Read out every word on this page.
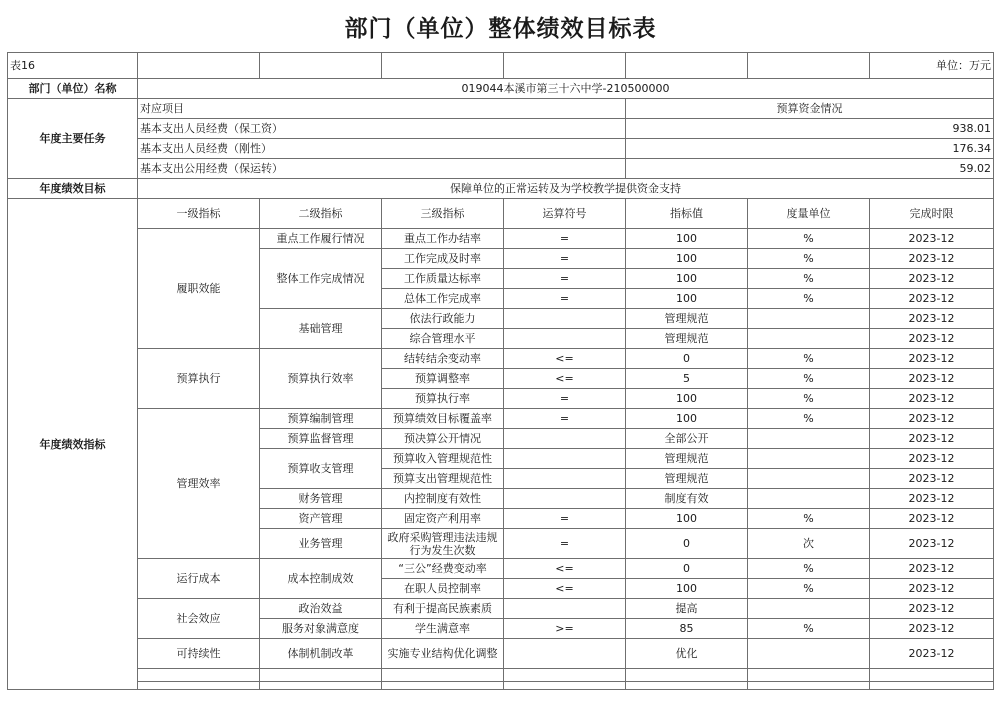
部门（单位）整体绩效目标表								
表16							单位：万元	
部门（单位）名称	019044本溪市第三十六中学-210500000							
年度主要任务	对应项目				预算资金情况			
	基本支出人员经费（保工资）				938.01			
	基本支出人员经费（刚性）				176.34			
	基本支出公用经费（保运转）				59.02			
年度绩效目标	保障单位的正常运转及为学校教学提供资金支持							
年度绩效指标	一级指标	二级指标	三级指标	运算符号	指标值	度量单位	完成时限	
	履职效能	重点工作履行情况	重点工作办结率	=	100	%	2023-12	
		整体工作完成情况	工作完成及时率	=	100	%	2023-12	
			工作质量达标率	=	100	%	2023-12	
			总体工作完成率	=	100	%	2023-12	
		基础管理	依法行政能力		管理规范		2023-12	
			综合管理水平		管理规范		2023-12	
	预算执行	预算执行效率	结转结余变动率	<=	0	%	2023-12	
			预算调整率	<=	5	%	2023-12	
			预算执行率	=	100	%	2023-12	
	管理效率	预算编制管理	预算绩效目标覆盖率	=	100	%	2023-12	
		预算监督管理	预决算公开情况		全部公开		2023-12	
		预算收支管理	预算收入管理规范性		管理规范		2023-12	
			预算支出管理规范性		管理规范		2023-12	
		财务管理	内控制度有效性		制度有效		2023-12	
		资产管理	固定资产利用率	=	100	%	2023-12	
		业务管理	政府采购管理违法违规行为发生次数	=	0	次	2023-12	
	运行成本	成本控制成效	“三公”经费变动率	<=	0	%	2023-12	
			在职人员控制率	<=	100	%	2023-12	
	社会效应	政治效益	有利于提高民族素质		提高		2023-12	
		服务对象满意度	学生满意率	>=	85	%	2023-12	
	可持续性	体制机制改革	实施专业结构优化调整		优化		2023-12	
